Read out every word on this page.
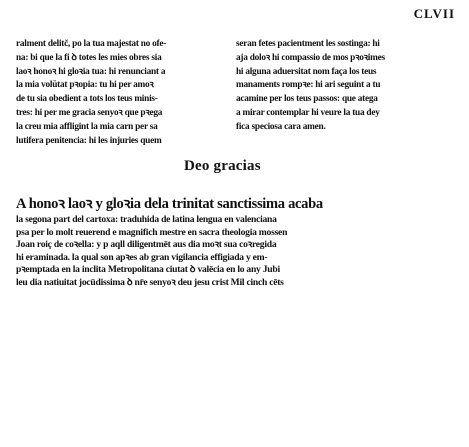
CLVII
ralment delitč, po la tua majestat no ofe-
na: bi que la fi ꝺ totes les mies obres sia
laoꝛ honoꝛ hi gloꝛia tua: hi renunciant a
la mia volŭtat pꝛopia: tu hi per amoꝛ
de tu sia obedient a tots los teus minis-
tres: hi per me gracia senyoꝛ que pꝛega
la creu mia affligint la mia carn per sa
lutifera penitencia: hi les injuries quem
seran fetes pacientment les sostinga: hi
aja doloꝛ hi compassio de mos pꝛoꝛimes
hi alguna aduersitat nom faça los teus
manaments rompꝛe: hi ari seguint a tu
acamine per los teus passos: que atega
a mirar contemplar hi veure la tua dey
fica speciosa cara amen.
Deo gracias
A honoꝛ laoꝛ y gloꝛia dela trinitat sanctissima acaba
la segona part del cartoxa: traduhida de latina lengua en valenciana
psa per lo molt reuerend e magnifich mestre en sacra theologia mossen
Joan roiç de coꝛella: y p aqll diligentmēt aus dia moꝛt sua coꝛregida
hi eraminada. la qual son apꝛes ab gran vigilancia effigiada y em-
pꝛemptada en la inclita Metropolitana ciutat ꝺ valēcia en lo any Jubi
leu dia natiuitat jocūdissima ꝺ nr̄e senyoꝛ deu jesu crist Mil cinch cēts
